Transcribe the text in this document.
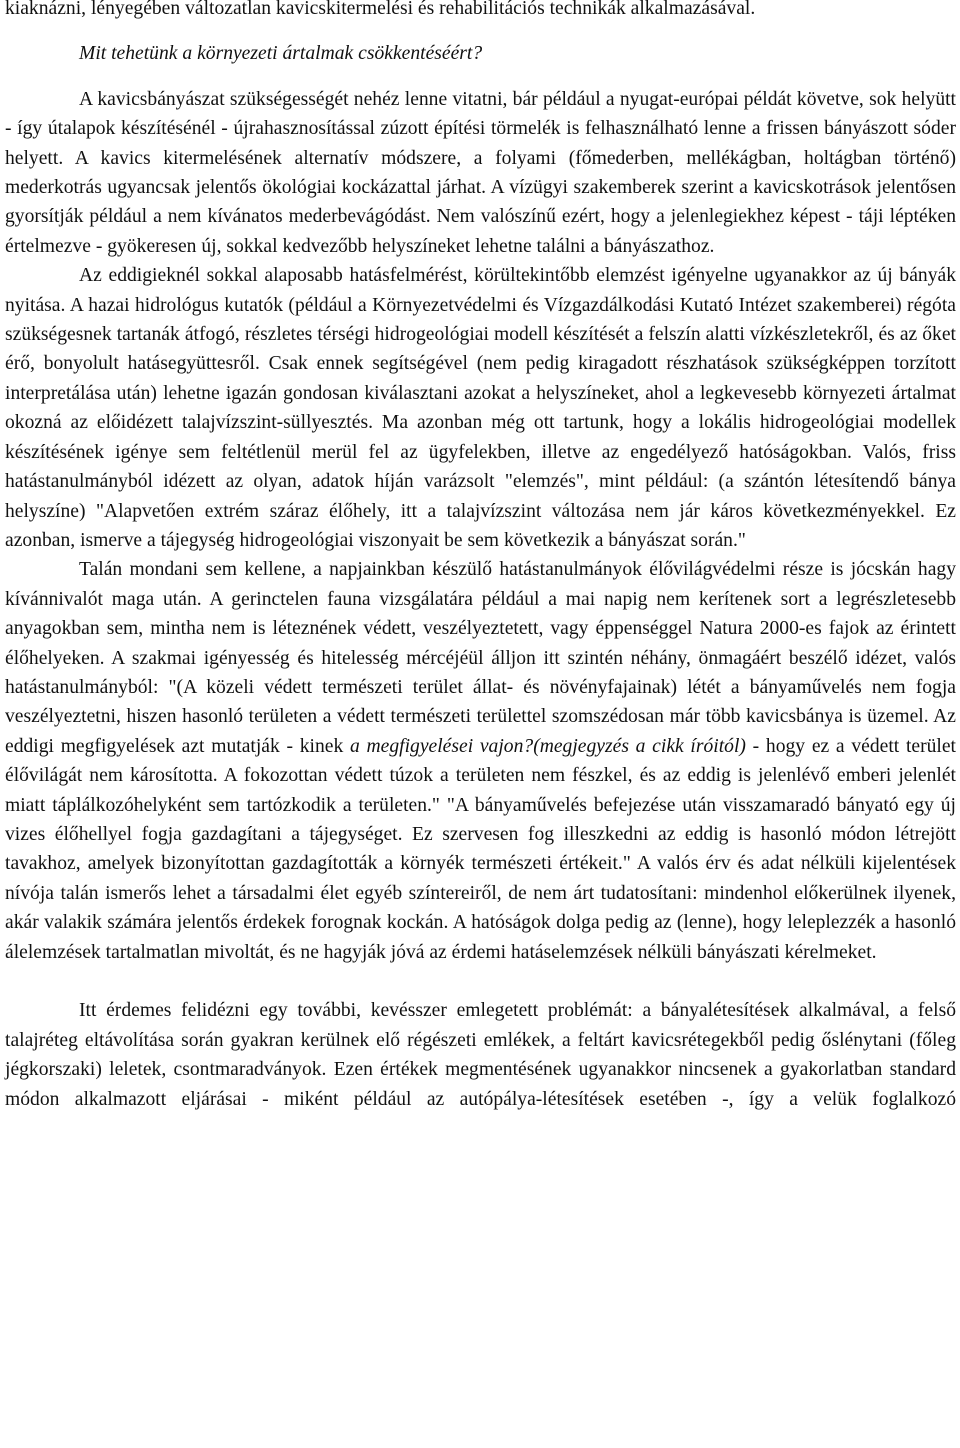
kiaknázni, lényegében változatlan kavicskitermelési és rehabilitációs technikák alkalmazásával.

Mit tehetünk a környezeti ártalmak csökkentéséért?

A kavicsbányászat szükségességét nehéz lenne vitatni, bár például a nyugat-európai példát követve, sok helyütt - így útalapok készítésénél - újrahasznosítással zúzott építési törmelék is felhasználható lenne a frissen bányászott sóder helyett. A kavics kitermelésének alternatív módszere, a folyami (főmederben, mellékágban, holtágban történő) mederkotrás ugyancsak jelentős ökológiai kockázattal járhat. A vízügyi szakemberek szerint a kavicskotrások jelentősen gyorsítják például a nem kívánatos mederbevágódást. Nem valószínű ezért, hogy a jelenlegiekhez képest - táji léptéken értelmezve - gyökeresen új, sokkal kedvezőbb helyszíneket lehetne találni a bányászathoz.

Az eddigieknél sokkal alaposabb hatásfelmérést, körültekintőbb elemzést igényelne ugyanakkor az új bányák nyitása. A hazai hidrológus kutatók (például a Környezetvédelmi és Vízgazdálkodási Kutató Intézet szakemberei) régóta szükségesnek tartanák átfogó, részletes térségi hidrogeológiai modell készítését a felszín alatti vízkészletekről, és az őket érő, bonyolult hatásegyüttesről. Csak ennek segítségével (nem pedig kiragadott részhatások szükségképpen torzított interpretálása után) lehetne igazán gondosan kiválasztani azokat a helyszíneket, ahol a legkevesebb környezeti ártalmat okozná az előidézett talajvízszint-süllyesztés. Ma azonban még ott tartunk, hogy a lokális hidrogeológiai modellek készítésének igénye sem feltétlenül merül fel az ügyfelekben, illetve az engedélyező hatóságokban. Valós, friss hatástanulmányból idézett az olyan, adatok híján varázsolt "elemzés", mint például: (a szántón létesítendő bánya helyszíne) "Alapvetően extrém száraz élőhely, itt a talajvízszint változása nem jár káros következményekkel. Ez azonban, ismerve a tájegység hidrogeológiai viszonyait be sem következik a bányászat során."

Talán mondani sem kellene, a napjainkban készülő hatástanulmányok élővilágvédelmi része is jócskán hagy kívánnivalót maga után. A gerinctelen fauna vizsgálatára például a mai napig nem kerítenek sort a legrészletesebb anyagokban sem, mintha nem is léteznének védett, veszélyeztetett, vagy éppenséggel Natura 2000-es fajok az érintett élőhelyeken. A szakmai igényesség és hitelesség mércéjéül álljon itt szintén néhány, önmagáért beszélő idézet, valós hatástanulmányból: "(A közeli védett természeti terület állat- és növényfajainak) létét a bányaművelés nem fogja veszélyeztetni, hiszen hasonló területen a védett természeti területtel szomszédosan már több kavicsbánya is üzemel. Az eddigi megfigyelések azt mutatják - kinek a megfigyelései vajon?(megjegyzés a cikk íróitól) - hogy ez a védett terület élővilágát nem károsította. A fokozottan védett túzok a területen nem fészkel, és az eddig is jelenlévő emberi jelenlét miatt táplálkozóhelyként sem tartózkodik a területen." "A bányaművelés befejezése után visszamaradó bányató egy új vizes élőhellyel fogja gazdagítani a tájegységet. Ez szervesen fog illeszkedni az eddig is hasonló módon létrejött tavakhoz, amelyek bizonyítottan gazdagították a környék természeti értékeit." A valós érv és adat nélküli kijelentések nívója talán ismerős lehet a társadalmi élet egyéb színtereiről, de nem árt tudatosítani: mindenhol előkerülnek ilyenek, akár valakik számára jelentős érdekek forognak kockán. A hatóságok dolga pedig az (lenne), hogy leleplezzék a hasonló álelemzések tartalmatlan mivoltát, és ne hagyják jóvá az érdemi hatáselemzések nélküli bányászati kérelmeket.

Itt érdemes felidézni egy további, kevésszer emlegetett problémát: a bányalétesítések alkalmával, a felső talajréteg eltávolítása során gyakran kerülnek elő régészeti emlékek, a feltárt kavicsrétegekből pedig őslénytani (főleg jégkorszaki) leletek, csontmaradványok. Ezen értékek megmentésének ugyanakkor nincsenek a gyakorlatban standard módon alkalmazott eljárásai - miként például az autópálya-létesítések esetében -, így a velük foglalkozó
